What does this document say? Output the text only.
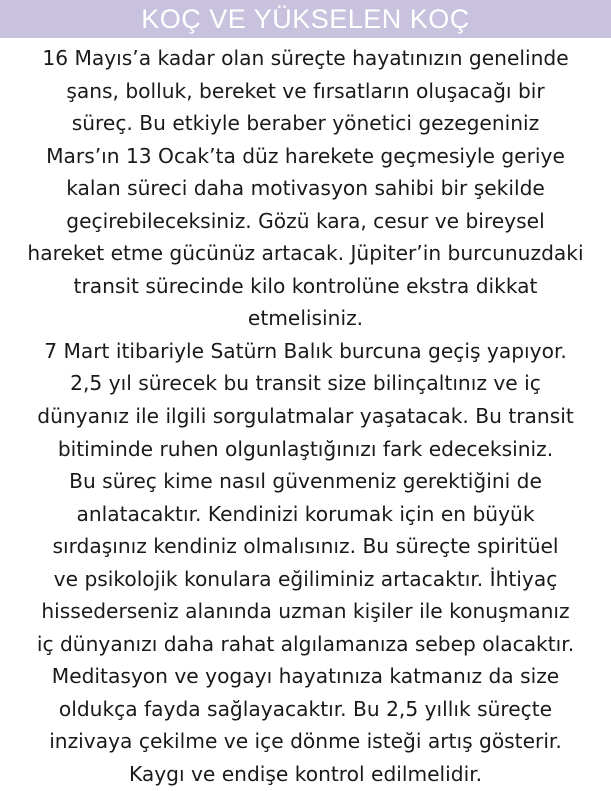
KOÇ VE YÜKSELEN KOÇ
16 Mayıs’a kadar olan süreçte hayatınızın genelinde
şans, bolluk, bereket ve fırsatların oluşacağı bir
süreç. Bu etkiyle beraber yönetici gezegeniniz
Mars’ın 13 Ocak’ta düz harekete geçmesiyle geriye
kalan süreci daha motivasyon sahibi bir şekilde
geçirebileceksiniz. Gözü kara, cesur ve bireysel
hareket etme gücünüz artacak. Jüpiter’in burcunuzdaki
transit sürecinde kilo kontrolüne ekstra dikkat
etmelisiniz.
7 Mart itibariyle Satürn Balık burcuna geçiş yapıyor.
2,5 yıl sürecek bu transit size bilinçaltınız ve iç
dünyanız ile ilgili sorgulatmalar yaşatacak. Bu transit
bitiminde ruhen olgunlaştığınızı fark edeceksiniz.
Bu süreç kime nasıl güvenmeniz gerektiğini de
anlatacaktır. Kendinizi korumak için en büyük
sırdaşınız kendiniz olmalısınız. Bu süreçte spiritüel
ve psikolojik konulara eğiliminiz artacaktır. İhtiyaç
hissederseniz alanında uzman kişiler ile konuşmanız
iç dünyanızı daha rahat algılamanıza sebep olacaktır.
Meditasyon ve yogayı hayatınıza katmanız da size
oldukça fayda sağlayacaktır. Bu 2,5 yıllık süreçte
inzivaya çekilme ve içe dönme isteği artış gösterir.
Kaygı ve endişe kontrol edilmelidir.
